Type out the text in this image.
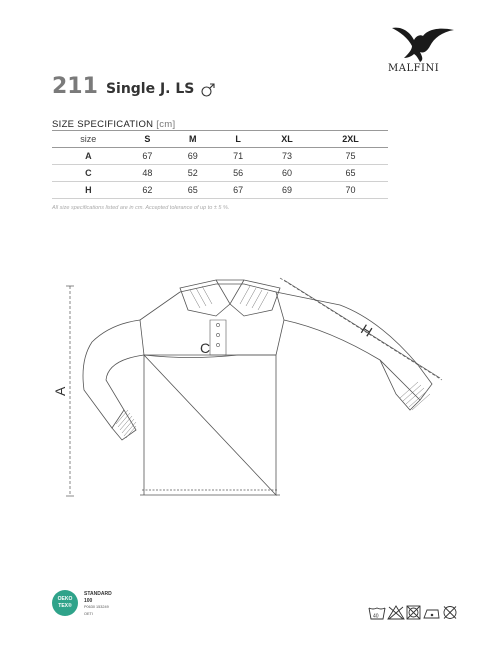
MALFINI
211 Single J. LS
SIZE SPECIFICATION [cm]
size	S	M	L	XL	2XL
A	67	69	71	73	75
C	48	52	56	60	65
H	62	65	67	69	70
All size specifications listed are in cm. Accepted tolerance of up to ± 5 %.
A
C
H
OEKO
TEX®
STANDARD
100
P0630 153249
OETI	40
